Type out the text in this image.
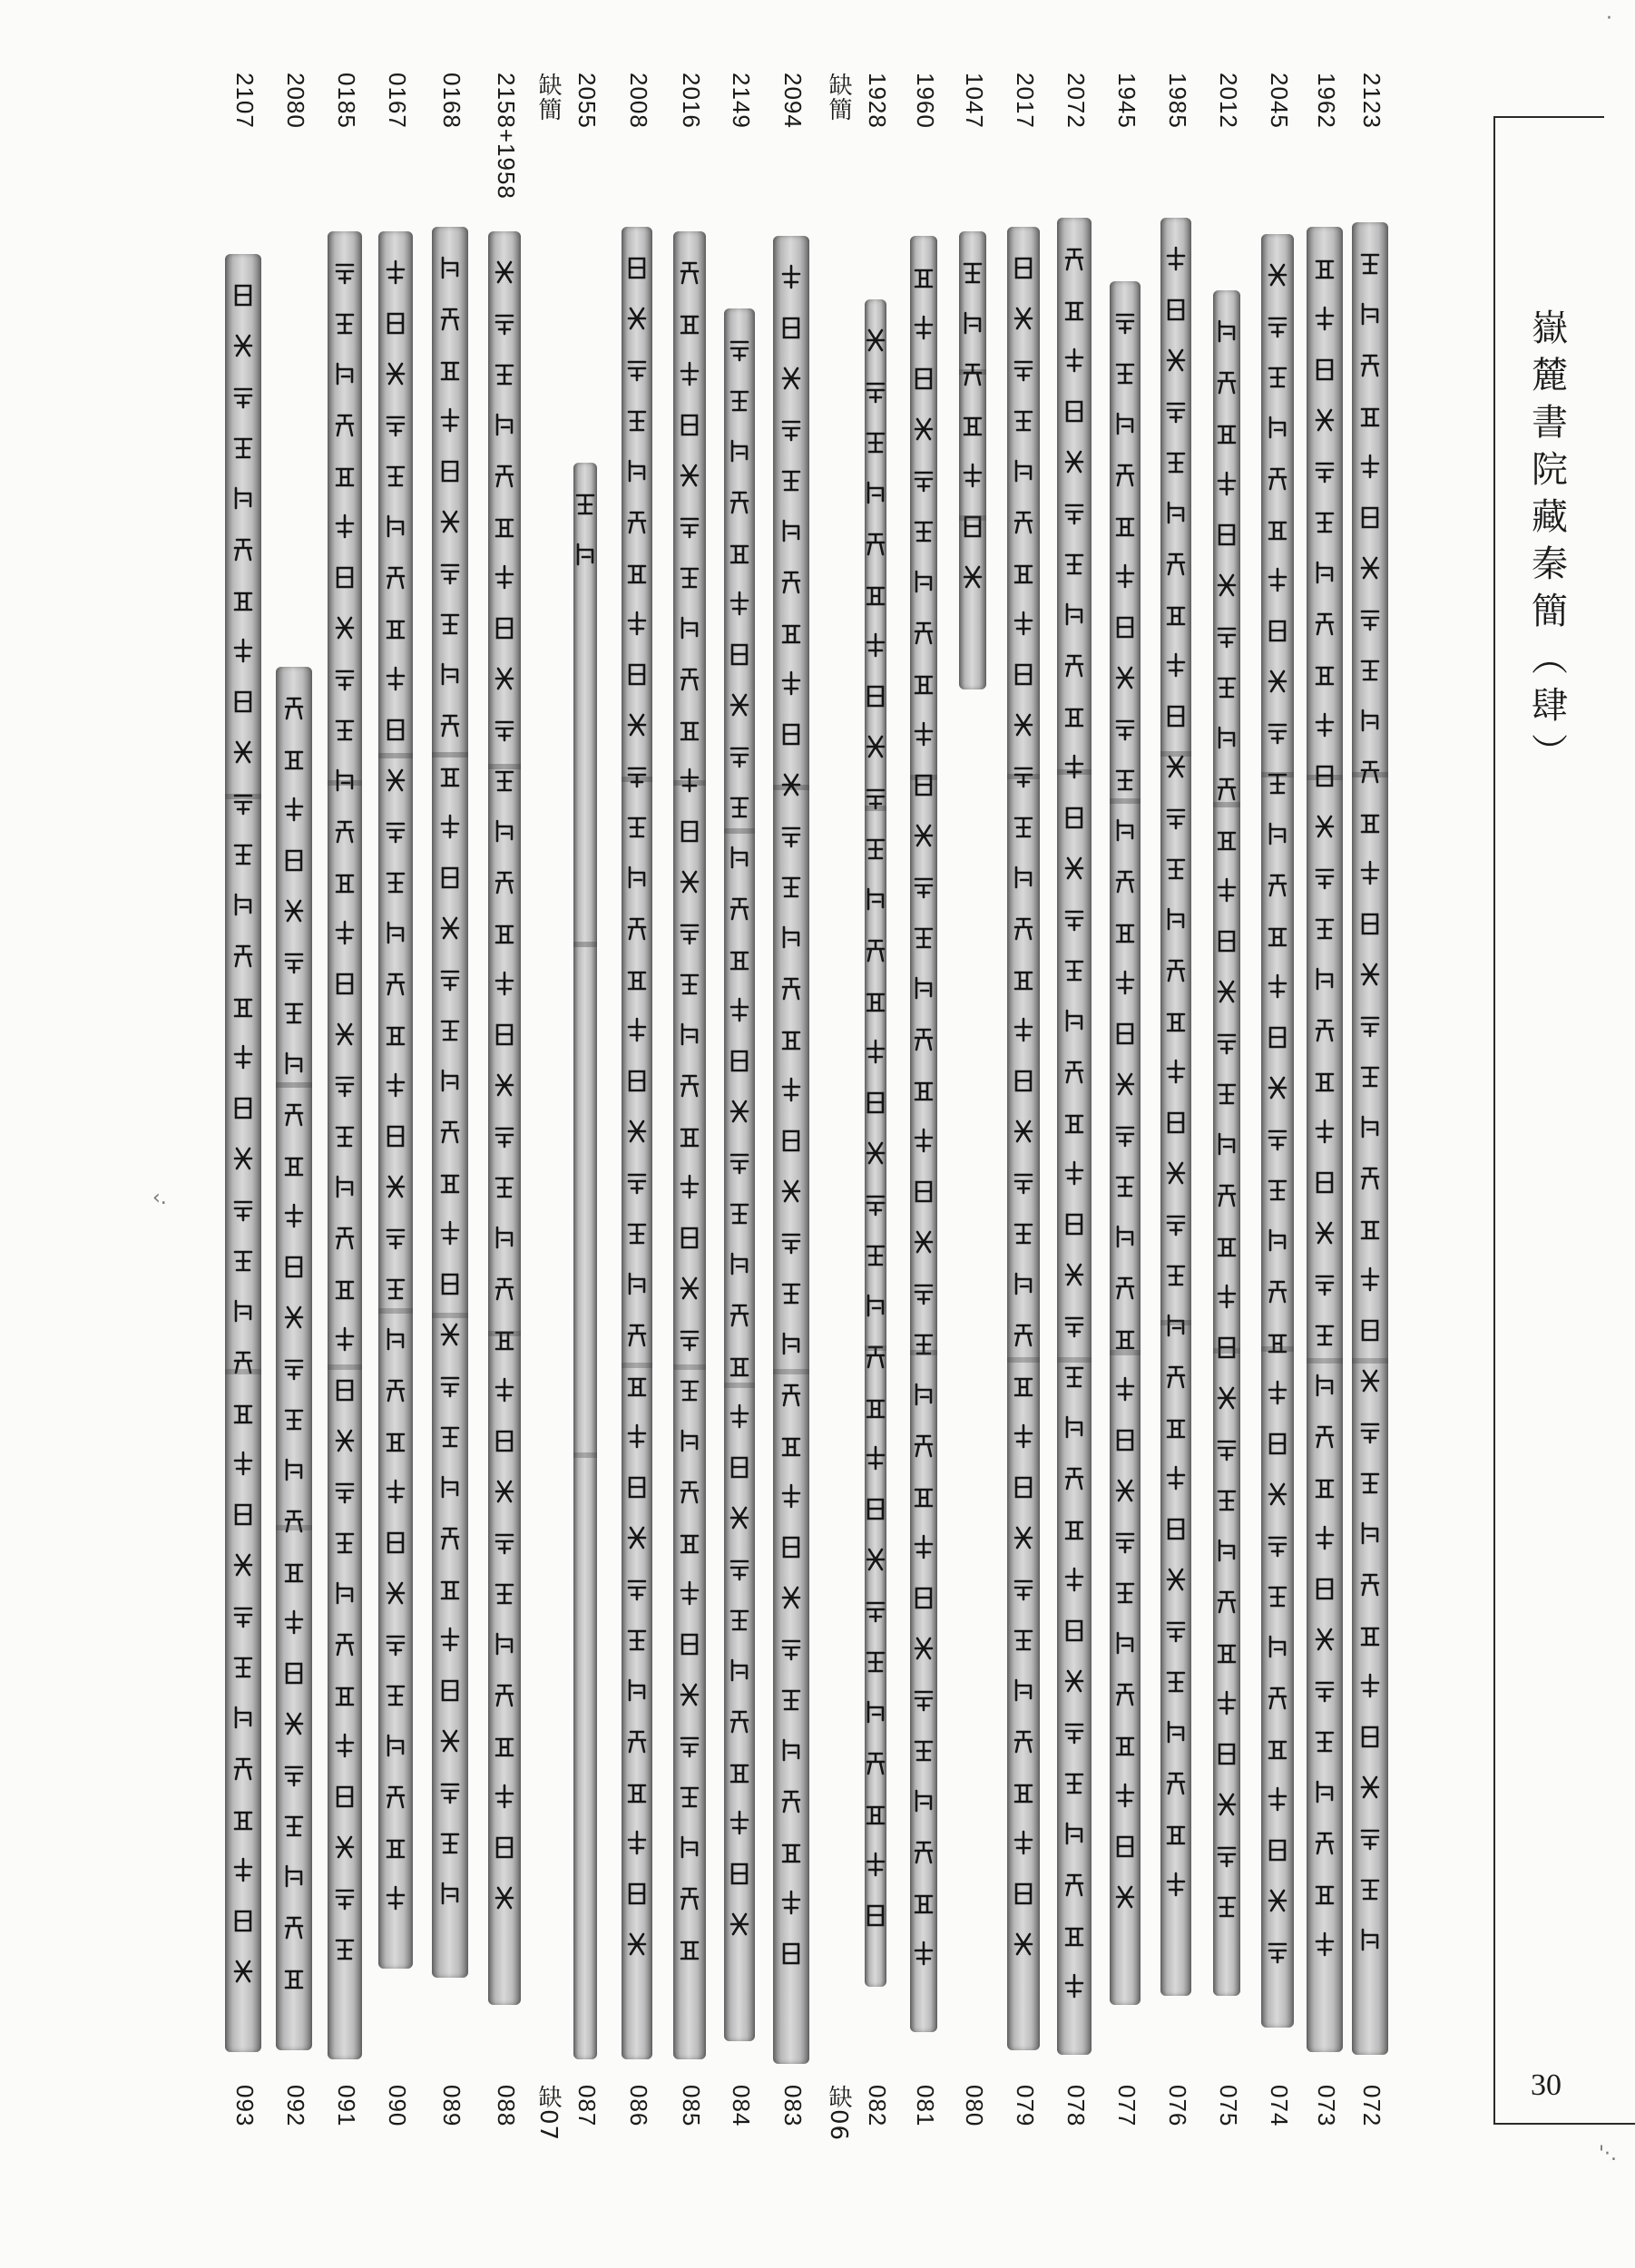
嶽麓書院藏秦簡（肆）
30
·
'·.
‹.
2123
072
1962
073
2045
074
2012
075
1985
076
1945
077
2072
078
2017
079
1047
080
1960
081
1928
082
缺簡
缺06
2094
083
2149
084
2016
085
2008
086
2055
087
缺簡
缺07
2158+1958
088
0168
089
0167
090
0185
091
2080
092
2107
093
